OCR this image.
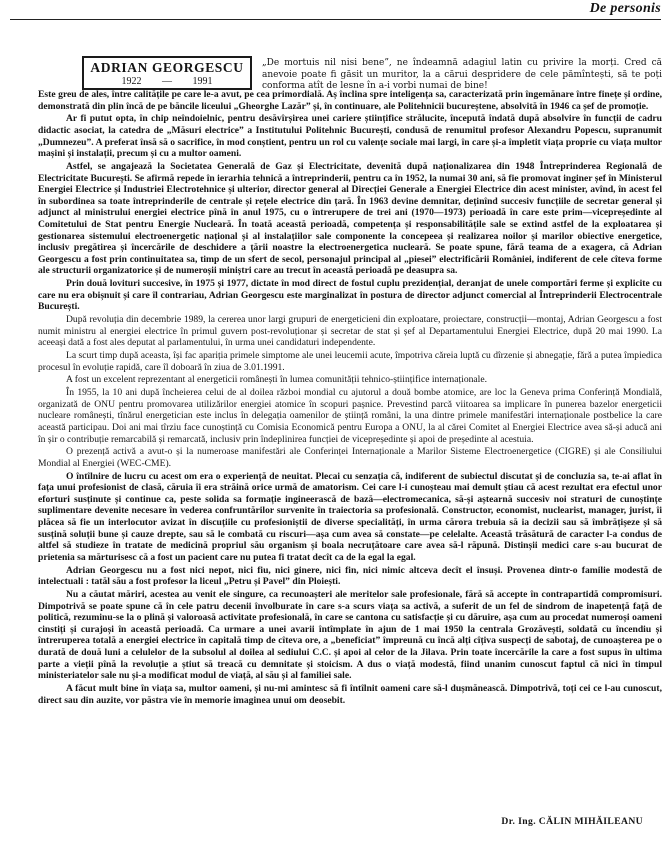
De personis
ADRIAN GEORGESCU
1922 — 1991
„De mortuis nil nisi bene”, ne îndeamnă adagiul latin cu privire la morți. Cred că anevoie poate fi găsit un muritor, la a cărui despridere de cele pămîntești, să te poți conforma atît de lesne în a-i vorbi numai de bine!

Este greu de ales, între calitățile pe care le-a avut, pe cea primordială. Aș înclina spre inteligența sa, caracterizată prin îngemănare între finețe și ordine, demonstrată din plin încă de pe băncile liceului „Gheorghe Lazăr” și, în continuare, ale Politehnicii bucureștene, absolvită în 1946 ca șef de promoție.

Ar fi putut opta, în chip neîndoielnic, pentru desăvîrșirea unei cariere științifice strălucite, începută îndată după absolvire în funcții de cadru didactic asociat, la catedra de „Măsuri electrice” a Institutului Politehnic București, condusă de renumitul profesor Alexandru Popescu, supranumit „Dumnezeu”. A preferat însă să o sacrifice, în mod conștient, pentru un rol cu valențe sociale mai largi, în care și-a împletit viața proprie cu viața multor mașini și instalații, precum și cu a multor oameni.

Astfel, se angajează la Societatea Generală de Gaz și Electricitate, devenită după naționalizarea din 1948 Întreprinderea Regională de Electricitate București. Se afirmă repede în ierarhia tehnică a întreprinderii, pentru ca în 1952, la numai 30 ani, să fie promovat inginer șef în Ministerul Energiei Electrice și Industriei Electrotehnice și ulterior, director general al Direcției Generale a Energiei Electrice din acest minister, avînd, în acest fel în subordinea sa toate întreprinderile de centrale și rețele electrice din țară. În 1963 devine demnitar, deținînd succesiv funcțiile de secretar general și adjunct al ministrului energiei electrice pînă în anul 1975, cu o întrerupere de trei ani (1970—1973) perioadă în care este prim—vicepreședinte al Comitetului de Stat pentru Energie Nucleară. În toată această perioadă, competența și responsabilitățile sale se extind astfel de la exploatarea și gestionarea sistemului electroenergetic național și al instalațiilor sale componente la concepeea și realizarea noilor și marilor obiective energetice, inclusiv pregătirea și încercările de deschidere a țării noastre la electroenergetica nucleară. Se poate spune, fără teama de a exagera, că Adrian Georgescu a fost prin continuitatea sa, timp de un sfert de secol, personajul principal al „piesei” electrificării României, indiferent de cele cîteva forme ale structurii organizatorice și de numeroșii miniștri care au trecut în această perioadă pe deasupra sa.

Prin două lovituri succesive, în 1975 și 1977, dictate în mod direct de fostul cuplu prezidențial, deranjat de unele comportări ferme și explicite cu care nu era obișnuit și care îl contrariau, Adrian Georgescu este marginalizat în postura de director adjunct comercial al Întreprinderii Electrocentrale București.

După revoluția din decembrie 1989, la cererea unor largi grupuri de energeticieni din exploatare, proiectare, construcții—montaj, Adrian Georgescu a fost numit ministru al energiei electrice în primul guvern post-revoluționar și secretar de stat și șef al Departamentului Energiei Electrice, după 20 mai 1990. La aceeași dată a fost ales deputat al parlamentului, în urma unei candidaturi independente.

La scurt timp după aceasta, își fac apariția primele simptome ale unei leucemii acute, împotriva căreia luptă cu dîrzenie și abnegație, fără a putea împiedica procesul în evoluție rapidă, care îl doboară în ziua de 3.01.1991.

A fost un excelent reprezentant al energeticii românești în lumea comunității tehnico-științifice internaționale.

În 1955, la 10 ani după încheierea celui de al doilea război mondial cu ajutorul a două bombe atomice, are loc la Geneva prima Conferință Mondială, organizată de ONU pentru promovarea utilizărilor energiei atomice în scopuri pașnice. Prevestind parcă viitoarea sa implicare în punerea bazelor energeticii nucleare românești, tînărul energetician este inclus în delegația oamenilor de știință români, la una dintre primele manifestări internaționale postbelice la care această participau. Doi ani mai tîrziu face cunoștință cu Comisia Economică pentru Europa a ONU, la al cărei Comitet al Energiei Electrice avea să-și aducă ani în șir o contribuție remarcabilă și remarcată, inclusiv prin îndeplinirea funcției de vicepreședinte și apoi de președinte al acestuia.

O prezență activă a avut-o și la numeroase manifestări ale Conferinței Internaționale a Marilor Sisteme Electroenergetice (CIGRE) și ale Consiliului Mondial al Energiei (WEC-CME).

O întîlnire de lucru cu acest om era o experiență de neuitat. Plecai cu senzația că, indiferent de subiectul discutat și de concluzia sa, te-ai aflat în fața unui profesionist de clasă, căruia îi era străină orice urmă de amatorism. Cei care l-i cunoșteau mai demult știau că acest rezultat era efectul unor eforturi susținute și continue ca, peste solida sa formație ingineerască de bază—electromecanica, să-și aștearnă succesiv noi straturi de cunoștințe suplimentare devenite necesare în vederea confruntărilor survenite în traiectoria sa profesională. Constructor, economist, nuclearist, manager, jurist, îi plăcea să fie un interlocutor avizat în discuțiile cu profesioniștii de diverse specialități, în urma cărora trebuia să ia decizii sau să îmbrățișeze și să susțină soluții bune și cauze drepte, sau să le combată cu riscuri—așa cum avea să constate—pe celelalte. Această trăsătură de caracter l-a condus de altfel să studieze în tratate de medicină propriul său organism și boala necruțătoare care avea să-l răpună. Distinșii medici care s-au bucurat de prietenia sa mărturisesc că a fost un pacient care nu putea fi tratat decît ca de la egal la egal.

Adrian Georgescu nu a fost nici nepot, nici fiu, nici ginere, nici fin, nici nimic altceva decît el însuși. Provenea dintr-o familie modestă de intelectuali : tatăl său a fost profesor la liceul „Petru și Pavel” din Ploiești.

Nu a căutat măriri, acestea au venit ele singure, ca recunoașteri ale meritelor sale profesionale, fără să accepte în contrapartidă compromisuri. Dimpotrivă se poate spune că în cele patru decenii învolburate în care s-a scurs viața sa activă, a suferit de un fel de sindrom de inapetență față de politică, rezuminu-se la o plină și valoroasă activitate profesională, în care se cantona cu satisfacție și cu dăruire, așa cum au procedat numeroși oameni cinstiți și curajoși în această perioadă. Ca urmare a unei avarii întîmplate în ajun de 1 mai 1950 la centrala Grozăvești, soldată cu încendiu și întreruperea totală a energiei electrice în capitală timp de cîteva ore, a „beneficiat” împreună cu încă alți cîțiva suspecți de sabotaj, de cunoașterea pe o durată de două luni a celulelor de la subsolul al doilea al sediului C.C. și apoi al celor de la Jilava. Prin toate încercările la care a fost supus în ultima parte a vieții pînă la revoluție a știut să treacă cu demnitate și stoicism. A dus o viață modestă, fiind unanim cunoscut faptul că nici în timpul ministeriatelor sale nu și-a modificat modul de viață, al său și al familiei sale.

A făcut mult bine în viața sa, multor oameni, și nu-mi amintesc să fi întîlnit oameni care să-l dușmănească. Dimpotrivă, toți cei ce l-au cunoscut, direct sau din auzite, vor păstra vie în memorie imaginea unui om deosebit.

Dr. Ing. CĂLIN MIHĂILEANU
